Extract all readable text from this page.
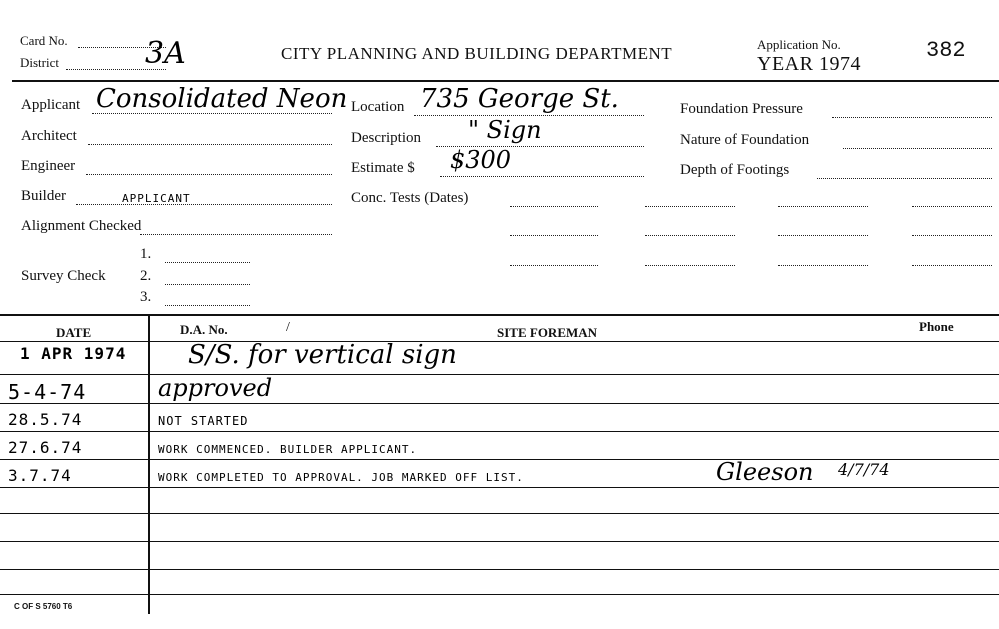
Card No.
District	3A	CITY PLANNING AND BUILDING DEPARTMENT	Application No.
YEAR 1974
382
Applicant Consolidated Neon
Architect
Engineer
Builder	APPLICANT
Alignment Checked
Survey Check
1.
2.
3.
Location 735 George St.
Description " Sign
Estimate $ $300
Conc. Tests (Dates)
Foundation Pressure
Nature of Foundation
Depth of Footings
DATE	D.A. No.	/	SITE FOREMAN	Phone
1 APR 1974 S/S. for vertical sign
5-4-74	approved
28.5.74	NOT STARTED
27.6.74	WORK COMMENCED. BUILDER APPLICANT.
3.7.74	WORK COMPLETED TO APPROVAL. JOB MARKED OFF LIST.	Gleeson 4/7/74
C OF S 5760 T6
